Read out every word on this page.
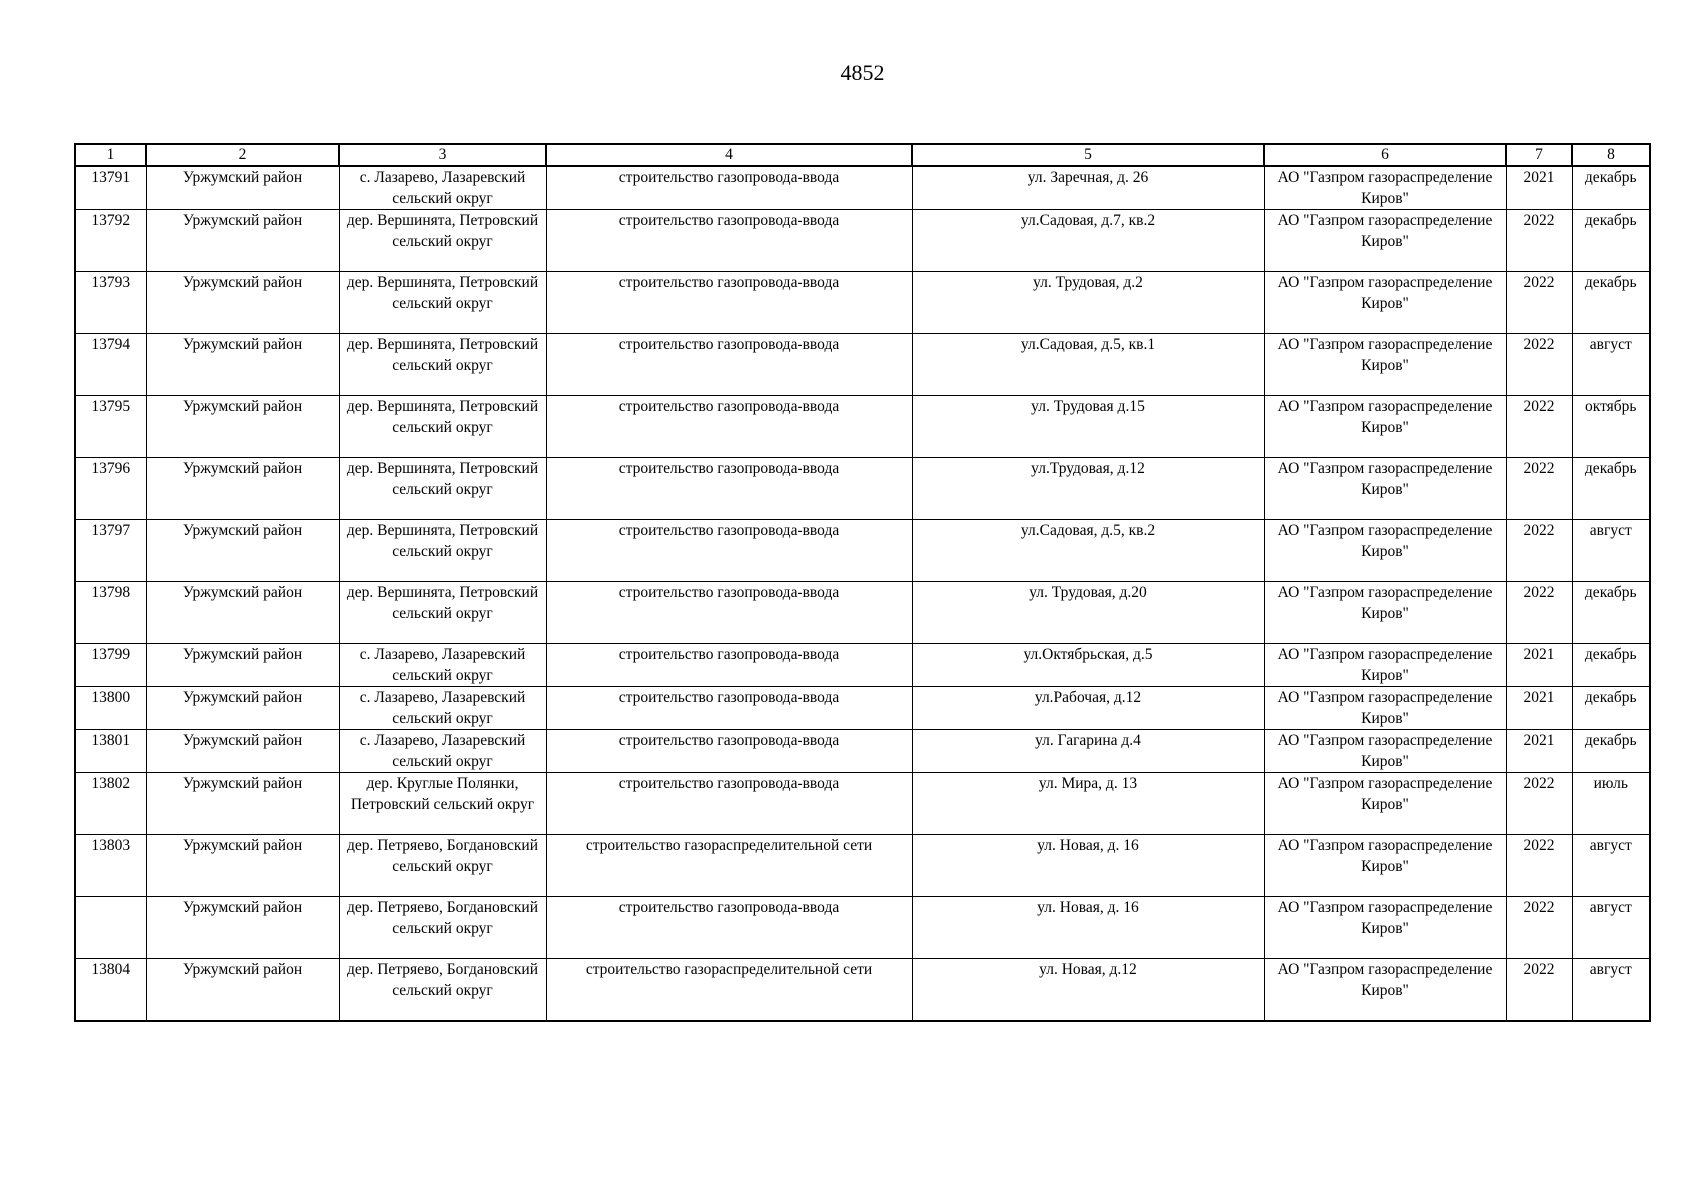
4852
1	2	3	4	5	6	7	8
13791	Уржумский район	с. Лазарево, Лазаревский сельский округ	строительство газопровода-ввода	ул. Заречная, д. 26	АО "Газпром газораспределение Киров"	2021	декабрь
13792	Уржумский район	дер. Вершинята, Петровский сельский округ	строительство газопровода-ввода	ул.Садовая, д.7, кв.2	АО "Газпром газораспределение Киров"	2022	декабрь
13793	Уржумский район	дер. Вершинята, Петровский сельский округ	строительство газопровода-ввода	ул. Трудовая, д.2	АО "Газпром газораспределение Киров"	2022	декабрь
13794	Уржумский район	дер. Вершинята, Петровский сельский округ	строительство газопровода-ввода	ул.Садовая, д.5, кв.1	АО "Газпром газораспределение Киров"	2022	август
13795	Уржумский район	дер. Вершинята, Петровский сельский округ	строительство газопровода-ввода	ул. Трудовая д.15	АО "Газпром газораспределение Киров"	2022	октябрь
13796	Уржумский район	дер. Вершинята, Петровский сельский округ	строительство газопровода-ввода	ул.Трудовая, д.12	АО "Газпром газораспределение Киров"	2022	декабрь
13797	Уржумский район	дер. Вершинята, Петровский сельский округ	строительство газопровода-ввода	ул.Садовая, д.5, кв.2	АО "Газпром газораспределение Киров"	2022	август
13798	Уржумский район	дер. Вершинята, Петровский сельский округ	строительство газопровода-ввода	ул. Трудовая, д.20	АО "Газпром газораспределение Киров"	2022	декабрь
13799	Уржумский район	с. Лазарево, Лазаревский сельский округ	строительство газопровода-ввода	ул.Октябрьская, д.5	АО "Газпром газораспределение Киров"	2021	декабрь
13800	Уржумский район	с. Лазарево, Лазаревский сельский округ	строительство газопровода-ввода	ул.Рабочая, д.12	АО "Газпром газораспределение Киров"	2021	декабрь
13801	Уржумский район	с. Лазарево, Лазаревский сельский округ	строительство газопровода-ввода	ул. Гагарина д.4	АО "Газпром газораспределение Киров"	2021	декабрь
13802	Уржумский район	дер. Круглые Полянки, Петровский сельский округ	строительство газопровода-ввода	ул. Мира, д. 13	АО "Газпром газораспределение Киров"	2022	июль
13803	Уржумский район	дер. Петряево, Богдановский сельский округ	строительство газораспределительной сети	ул. Новая, д. 16	АО "Газпром газораспределение Киров"	2022	август
	Уржумский район	дер. Петряево, Богдановский сельский округ	строительство газопровода-ввода	ул. Новая, д. 16	АО "Газпром газораспределение Киров"	2022	август
13804	Уржумский район	дер. Петряево, Богдановский сельский округ	строительство газораспределительной сети	ул. Новая, д.12	АО "Газпром газораспределение Киров"	2022	август
